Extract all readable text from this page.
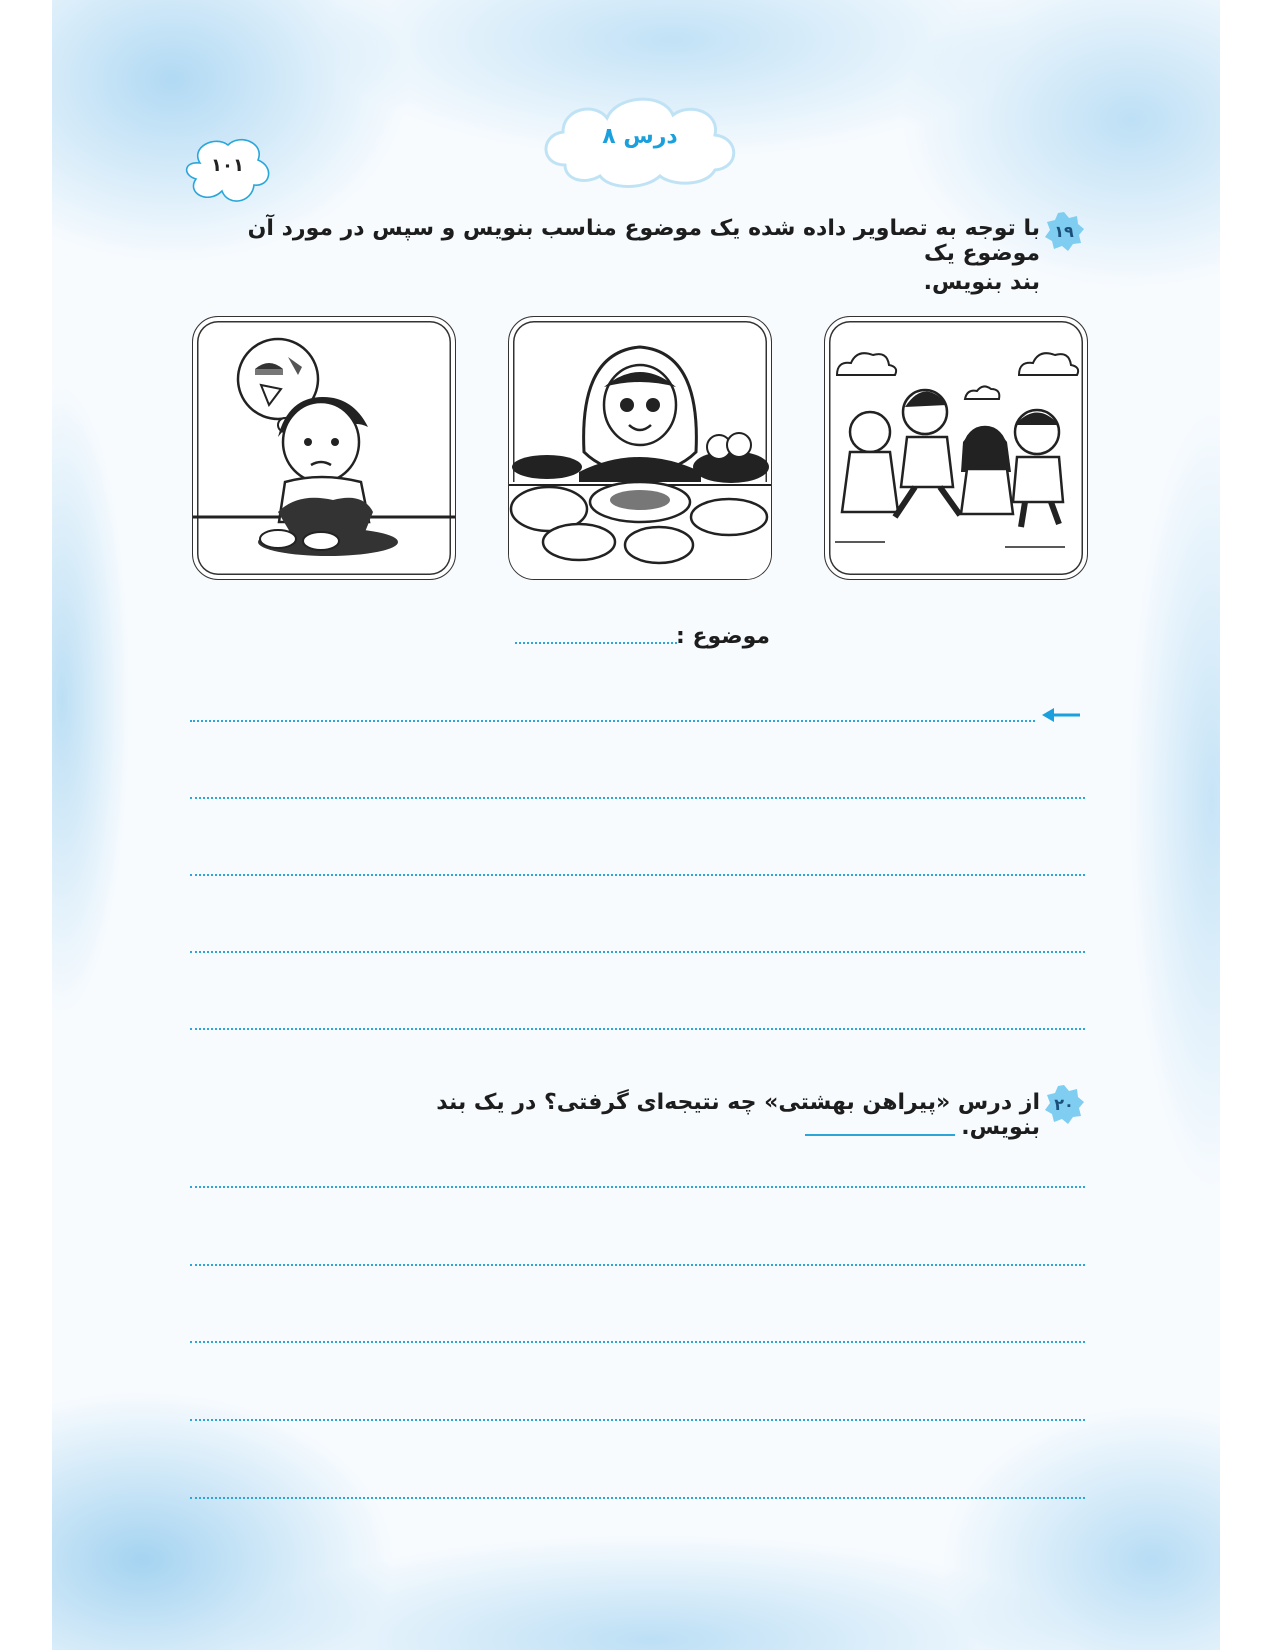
۱۰۱
درس ۸
۱۹
با توجه به تصاویر داده شده یک موضوع مناسب بنویس و سپس در مورد آن موضوع یک
بند بنویس.
موضوع :
۲۰
از درس «پیراهن بهشتی» چه نتیجه‌ای گرفتی؟ در یک بند بنویس.
